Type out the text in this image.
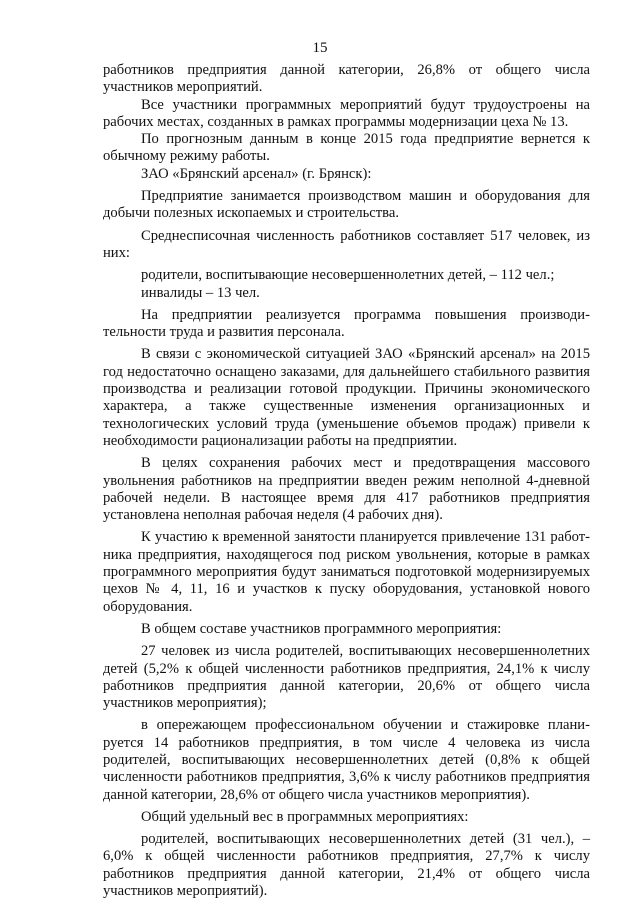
15

работников предприятия данной категории, 26,8% от общего числа участников мероприятий.

Все участники программных мероприятий будут трудоустроены на рабочих местах, созданных в рамках программы модернизации цеха № 13.

По прогнозным данным в конце 2015 года предприятие вернется к обычному режиму работы.

ЗАО «Брянский арсенал» (г. Брянск):

Предприятие занимается производством машин и оборудования для добычи полезных ископаемых и строительства.

Среднесписочная численность работников составляет 517 человек, из них:

родители, воспитывающие несовершеннолетних детей, – 112 чел.;

инвалиды – 13 чел.

На предприятии реализуется программа повышения производительности труда и развития персонала.

В связи с экономической ситуацией ЗАО «Брянский арсенал» на 2015 год недостаточно оснащено заказами, для дальнейшего стабильного развития производства и реализации готовой продукции. Причины экономического характера, а также существенные изменения организационных и технологических условий труда (уменьшение объемов продаж) привели к необходимости рационализации работы на предприятии.

В целях сохранения рабочих мест и предотвращения массового увольнения работников на предприятии введен режим неполной 4-дневной рабочей недели. В настоящее время для 417 работников предприятия установлена неполная рабочая неделя (4 рабочих дня).

К участию к временной занятости планируется привлечение 131 работника предприятия, находящегося под риском увольнения, которые в рамках программного мероприятия будут заниматься подготовкой модернизируемых цехов № 4, 11, 16 и участков к пуску оборудования, установкой нового оборудования.

В общем составе участников программного мероприятия:

27 человек из числа родителей, воспитывающих несовершеннолетних детей (5,2% к общей численности работников предприятия, 24,1% к числу работников предприятия данной категории, 20,6% от общего числа участников мероприятия);

в опережающем профессиональном обучении и стажировке планируется 14 работников предприятия, в том числе 4 человека из числа родителей, воспитывающих несовершеннолетних детей (0,8% к общей численности работников предприятия, 3,6% к числу работников предприятия данной категории, 28,6% от общего числа участников мероприятия).

Общий удельный вес в программных мероприятиях:

родителей, воспитывающих несовершеннолетних детей (31 чел.), – 6,0% к общей численности работников предприятия, 27,7% к числу работников предприятия данной категории, 21,4% от общего числа участников мероприятий).
